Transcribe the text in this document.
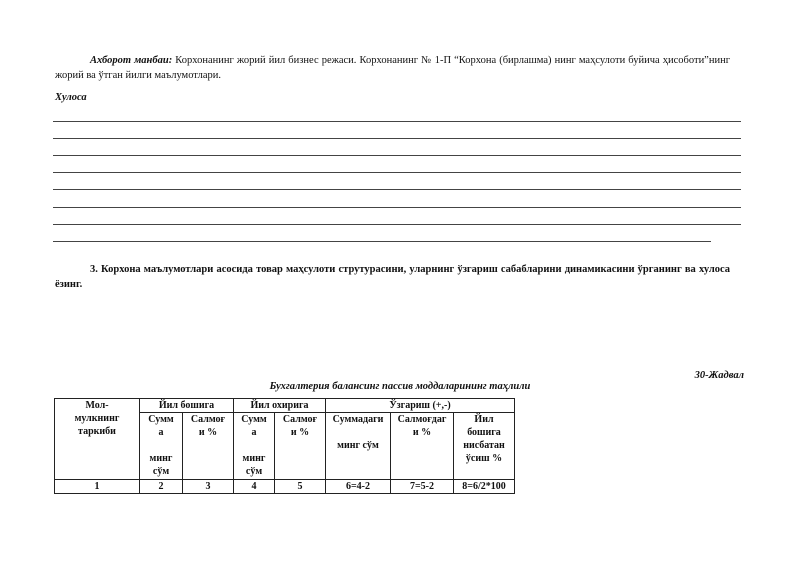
Ахборот манбаи: Корхонанинг жорий йил бизнес режаси. Корхонанинг № 1-П “Корхона (бирлашма) нинг маҳсулоти буйича ҳисоботи”нинг жорий ва ўтган йилги маълумотлари.
Хулоса
3. Корхона маълумотлари асосида товар маҳсулоти струтурасини, уларнинг ўзгариш сабабларини динамикасини ўрганинг ва хулоса ёзинг.
30-Жадвал
Бухгалтерия балансинг пассив моддаларининг таҳлили
Мол-
мулкнинг
таркиби	Йил бошига		Йил охирига		Ўзгариш (+,-)		
	Сумм
а

минг
сўм	Салмоғ
и %	Сумм
а

минг
сўм	Салмоғ
и %	Суммадаги

минг сўм	Салмоғдаг
и %	Йил
бошига
нисбатан
ўсиш %
1	2	3	4	5	6=4-2	7=5-2	8=6/2*100
